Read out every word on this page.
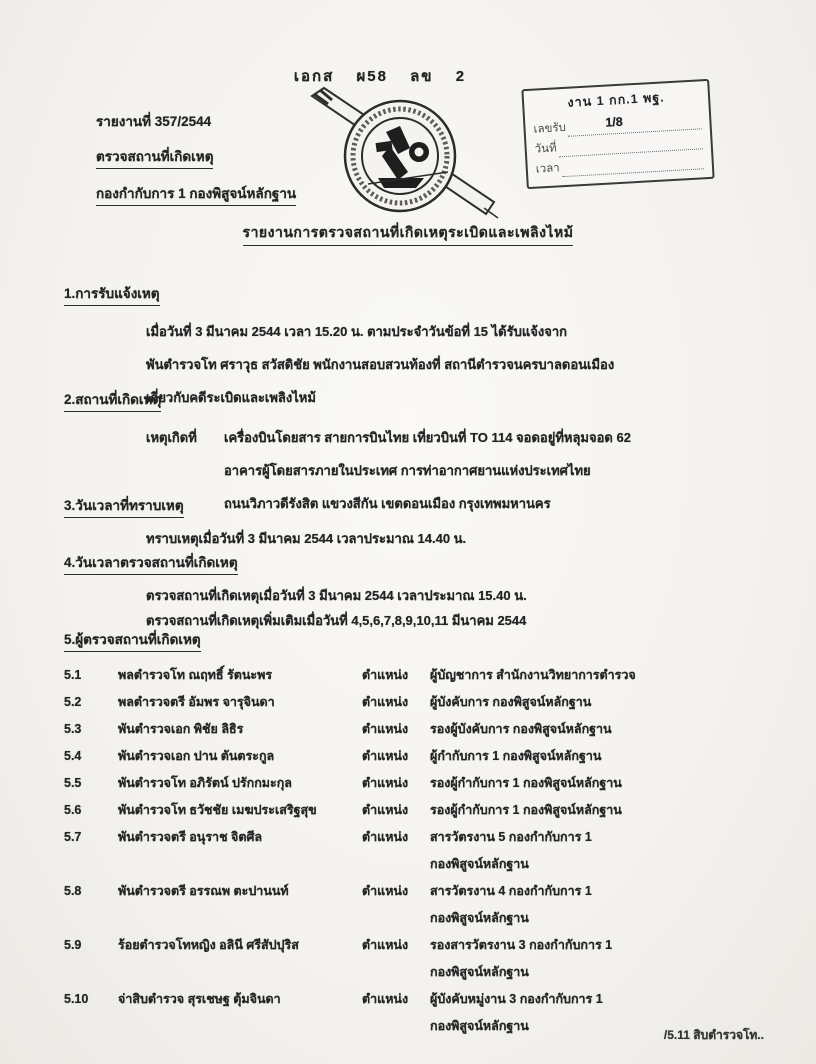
เอกส ผ58 ลข 2
รายงานที่ 357/2544
ตรวจสถานที่เกิดเหตุ
กองกำกับการ 1 กองพิสูจน์หลักฐาน
งาน 1 กก.1 พฐ.
เลขรับ	1/8
วันที่
เวลา
รายงานการตรวจสถานที่เกิดเหตุระเบิดและเพลิงไหม้
1.การรับแจ้งเหตุ
เมื่อวันที่ 3 มีนาคม 2544 เวลา 15.20 น. ตามประจำวันข้อที่ 15 ได้รับแจ้งจาก
พันตำรวจโท ศราวุธ สวัสดิชัย พนักงานสอบสวนท้องที่ สถานีตำรวจนครบาลดอนเมือง
เกี่ยวกับคดีระเบิดและเพลิงไหม้
2.สถานที่เกิดเหตุ
เหตุเกิดที่	เครื่องบินโดยสาร สายการบินไทย เที่ยวบินที่ TO 114 จอดอยู่ที่หลุมจอด 62
อาคารผู้โดยสารภายในประเทศ การท่าอากาศยานแห่งประเทศไทย
ถนนวิภาวดีรังสิต แขวงสีกัน เขตดอนเมือง กรุงเทพมหานคร
3.วันเวลาที่ทราบเหตุ
ทราบเหตุเมื่อวันที่ 3 มีนาคม 2544 เวลาประมาณ 14.40 น.
4.วันเวลาตรวจสถานที่เกิดเหตุ
ตรวจสถานที่เกิดเหตุเมื่อวันที่ 3 มีนาคม 2544 เวลาประมาณ 15.40 น.
ตรวจสถานที่เกิดเหตุเพิ่มเติมเมื่อวันที่ 4,5,6,7,8,9,10,11 มีนาคม 2544
5.ผู้ตรวจสถานที่เกิดเหตุ
5.1	พลตำรวจโท ณฤทธิ์ รัตนะพร	ตำแหน่ง	ผู้บัญชาการ สำนักงานวิทยาการตำรวจ
5.2	พลตำรวจตรี อัมพร จารุจินดา	ตำแหน่ง	ผู้บังคับการ กองพิสูจน์หลักฐาน
5.3	พันตำรวจเอก พิชัย ลิธิร	ตำแหน่ง	รองผู้บังคับการ กองพิสูจน์หลักฐาน
5.4	พันตำรวจเอก ปาน ตันตระกูล	ตำแหน่ง	ผู้กำกับการ 1 กองพิสูจน์หลักฐาน
5.5	พันตำรวจโท อภิรัตน์ ปรักกมะกุล	ตำแหน่ง	รองผู้กำกับการ 1 กองพิสูจน์หลักฐาน
5.6	พันตำรวจโท ธวัชชัย เมฆประเสริฐสุข	ตำแหน่ง	รองผู้กำกับการ 1 กองพิสูจน์หลักฐาน
5.7	พันตำรวจตรี อนุราช จิตศีล	ตำแหน่ง	สารวัตรงาน 5 กองกำกับการ 1
กองพิสูจน์หลักฐาน
5.8	พันตำรวจตรี อรรณพ ตะปานนท์	ตำแหน่ง	สารวัตรงาน 4 กองกำกับการ 1
กองพิสูจน์หลักฐาน
5.9	ร้อยตำรวจโทหญิง อลินี ศรีสัปปุริส	ตำแหน่ง	รองสารวัตรงาน 3 กองกำกับการ 1
กองพิสูจน์หลักฐาน
5.10	จ่าสิบตำรวจ สุรเชษฐ ตุ้มจินดา	ตำแหน่ง	ผู้บังคับหมู่งาน 3 กองกำกับการ 1
กองพิสูจน์หลักฐาน
/5.11 สิบตำรวจโท..
